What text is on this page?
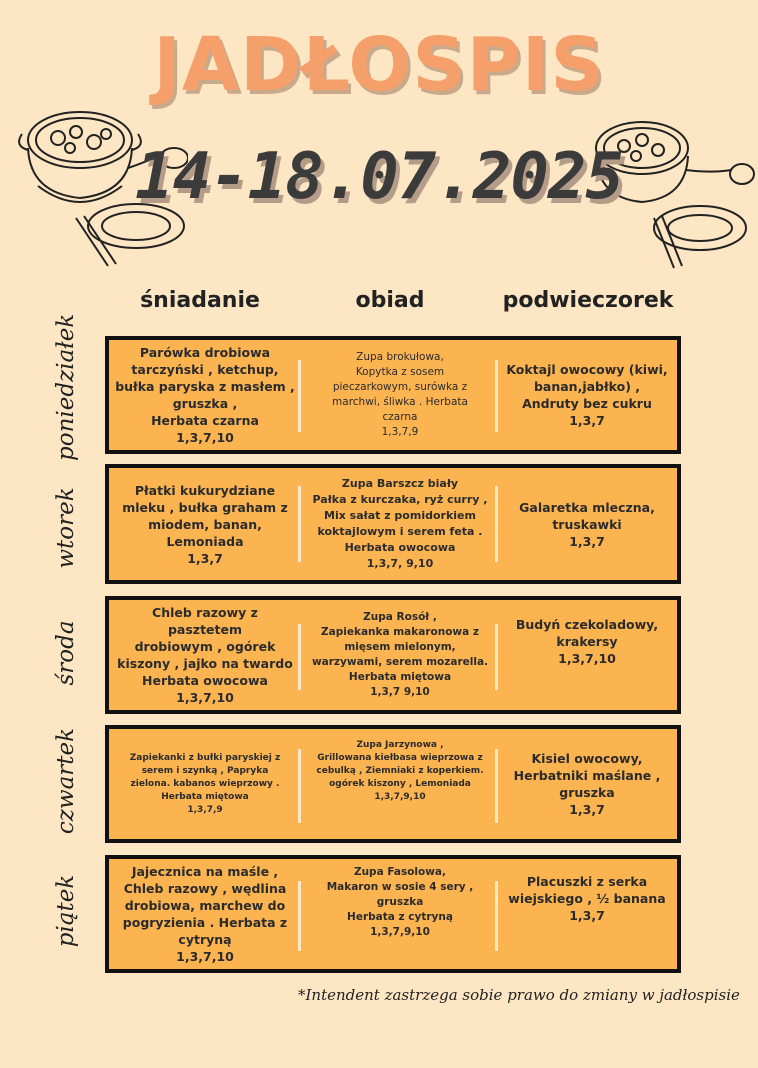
JADŁOSPIS
14-18.07.2025
śniadanie	obiad	podwieczorek
poniedziałek
wtorek
środa
czwartek
piątek
Parówka drobiowa
tarczyński , ketchup,
bułka paryska z masłem ,
gruszka ,
Herbata czarna
1,3,7,10
Zupa brokułowa,
Kopytka z sosem
pieczarkowym, surówka z
marchwi, śliwka . Herbata
czarna
1,3,7,9
Koktajl owocowy (kiwi,
banan,jabłko) ,
Andruty bez cukru
1,3,7
Płatki kukurydziane
mleku , bułka graham z
miodem, banan,
Lemoniada
1,3,7
Zupa Barszcz biały
Pałka z kurczaka, ryż curry ,
Mix sałat z pomidorkiem
koktajlowym i serem feta .
Herbata owocowa
1,3,7, 9,10
Galaretka mleczna,
truskawki
1,3,7
Chleb razowy z pasztetem
drobiowym , ogórek
kiszony , jajko na twardo
Herbata owocowa
1,3,7,10
Zupa Rosół ,
Zapiekanka makaronowa z
mięsem mielonym,
warzywami, serem mozarella.
Herbata miętowa
1,3,7 9,10
Budyń czekoladowy,
krakersy
1,3,7,10
Zapiekanki z bułki paryskiej z
serem i szynką , Papryka
zielona. kabanos wieprzowy .
Herbata miętowa
1,3,7,9
Zupa Jarzynowa ,
Grillowana kiełbasa wieprzowa z
cebulką , Ziemniaki z koperkiem.
ogórek kiszony , Lemoniada
1,3,7,9,10
Kisiel owocowy,
Herbatniki maślane ,
gruszka
1,3,7
Jajecznica na maśle ,
Chleb razowy , wędlina
drobiowa, marchew do
pogryzienia . Herbata z
cytryną
1,3,7,10
Zupa Fasolowa,
Makaron w sosie 4 sery ,
gruszka
Herbata z cytryną
1,3,7,9,10
Placuszki z serka
wiejskiego , ½ banana
1,3,7
*Intendent zastrzega sobie prawo do zmiany w jadłospisie
